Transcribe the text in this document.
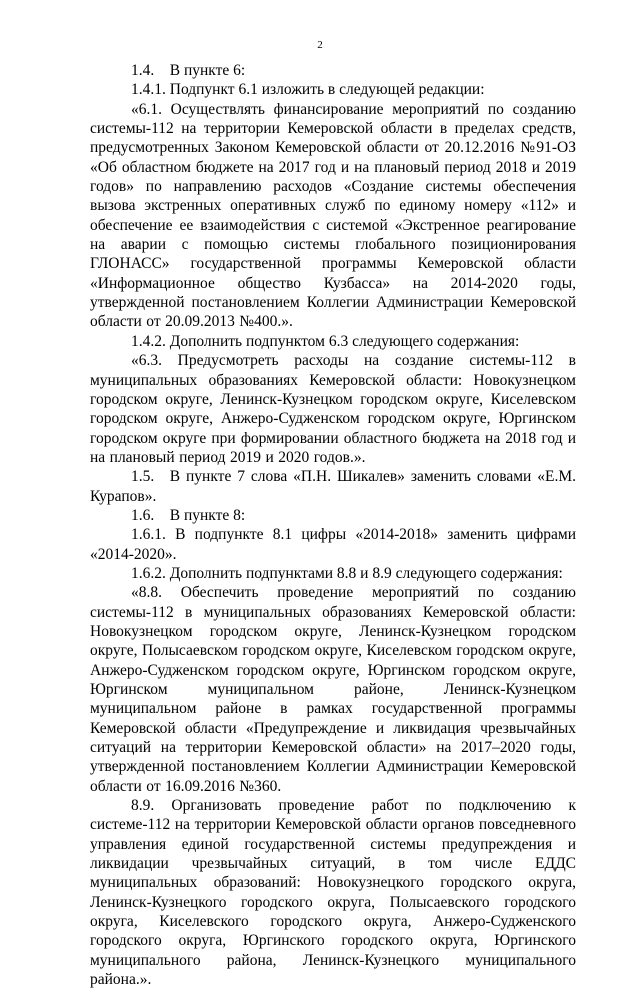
2

1.4. В пункте 6:

1.4.1. Подпункт 6.1 изложить в следующей редакции:

«6.1. Осуществлять финансирование мероприятий по созданию системы-112 на территории Кемеровской области в пределах средств, предусмотренных Законом Кемеровской области от 20.12.2016 №91-ОЗ «Об областном бюджете на 2017 год и на плановый период 2018 и 2019 годов» по направлению расходов «Создание системы обеспечения вызова экстренных оперативных служб по единому номеру «112» и обеспечение ее взаимодействия с системой «Экстренное реагирование на аварии с помощью системы глобального позиционирования ГЛОНАСС» государственной программы Кемеровской области «Информационное общество Кузбасса» на 2014-2020 годы, утвержденной постановлением Коллегии Администрации Кемеровской области от 20.09.2013 №400.».

1.4.2. Дополнить подпунктом 6.3 следующего содержания:

«6.3. Предусмотреть расходы на создание системы-112 в муниципальных образованиях Кемеровской области: Новокузнецком городском округе, Ленинск-Кузнецком городском округе, Киселевском городском округе, Анжеро-Судженском городском округе, Юргинском городском округе при формировании областного бюджета на 2018 год и на плановый период 2019 и 2020 годов.».

1.5. В пункте 7 слова «П.Н. Шикалев» заменить словами «Е.М. Курапов».

1.6. В пункте 8:

1.6.1. В подпункте 8.1 цифры «2014-2018» заменить цифрами «2014-2020».

1.6.2. Дополнить подпунктами 8.8 и 8.9 следующего содержания:

«8.8. Обеспечить проведение мероприятий по созданию системы-112 в муниципальных образованиях Кемеровской области: Новокузнецком городском округе, Ленинск-Кузнецком городском округе, Полысаевском городском округе, Киселевском городском округе, Анжеро-Судженском городском округе, Юргинском городском округе, Юргинском муниципальном районе, Ленинск-Кузнецком муниципальном районе в рамках государственной программы Кемеровской области «Предупреждение и ликвидация чрезвычайных ситуаций на территории Кемеровской области» на 2017–2020 годы, утвержденной постановлением Коллегии Администрации Кемеровской области от 16.09.2016 №360.

8.9. Организовать проведение работ по подключению к системе-112 на территории Кемеровской области органов повседневного управления единой государственной системы предупреждения и ликвидации чрезвычайных ситуаций, в том числе ЕДДС муниципальных образований: Новокузнецкого городского округа, Ленинск-Кузнецкого городского округа, Полысаевского городского округа, Киселевского городского округа, Анжеро-Судженского городского округа, Юргинского городского округа, Юргинского муниципального района, Ленинск-Кузнецкого муниципального района.».
